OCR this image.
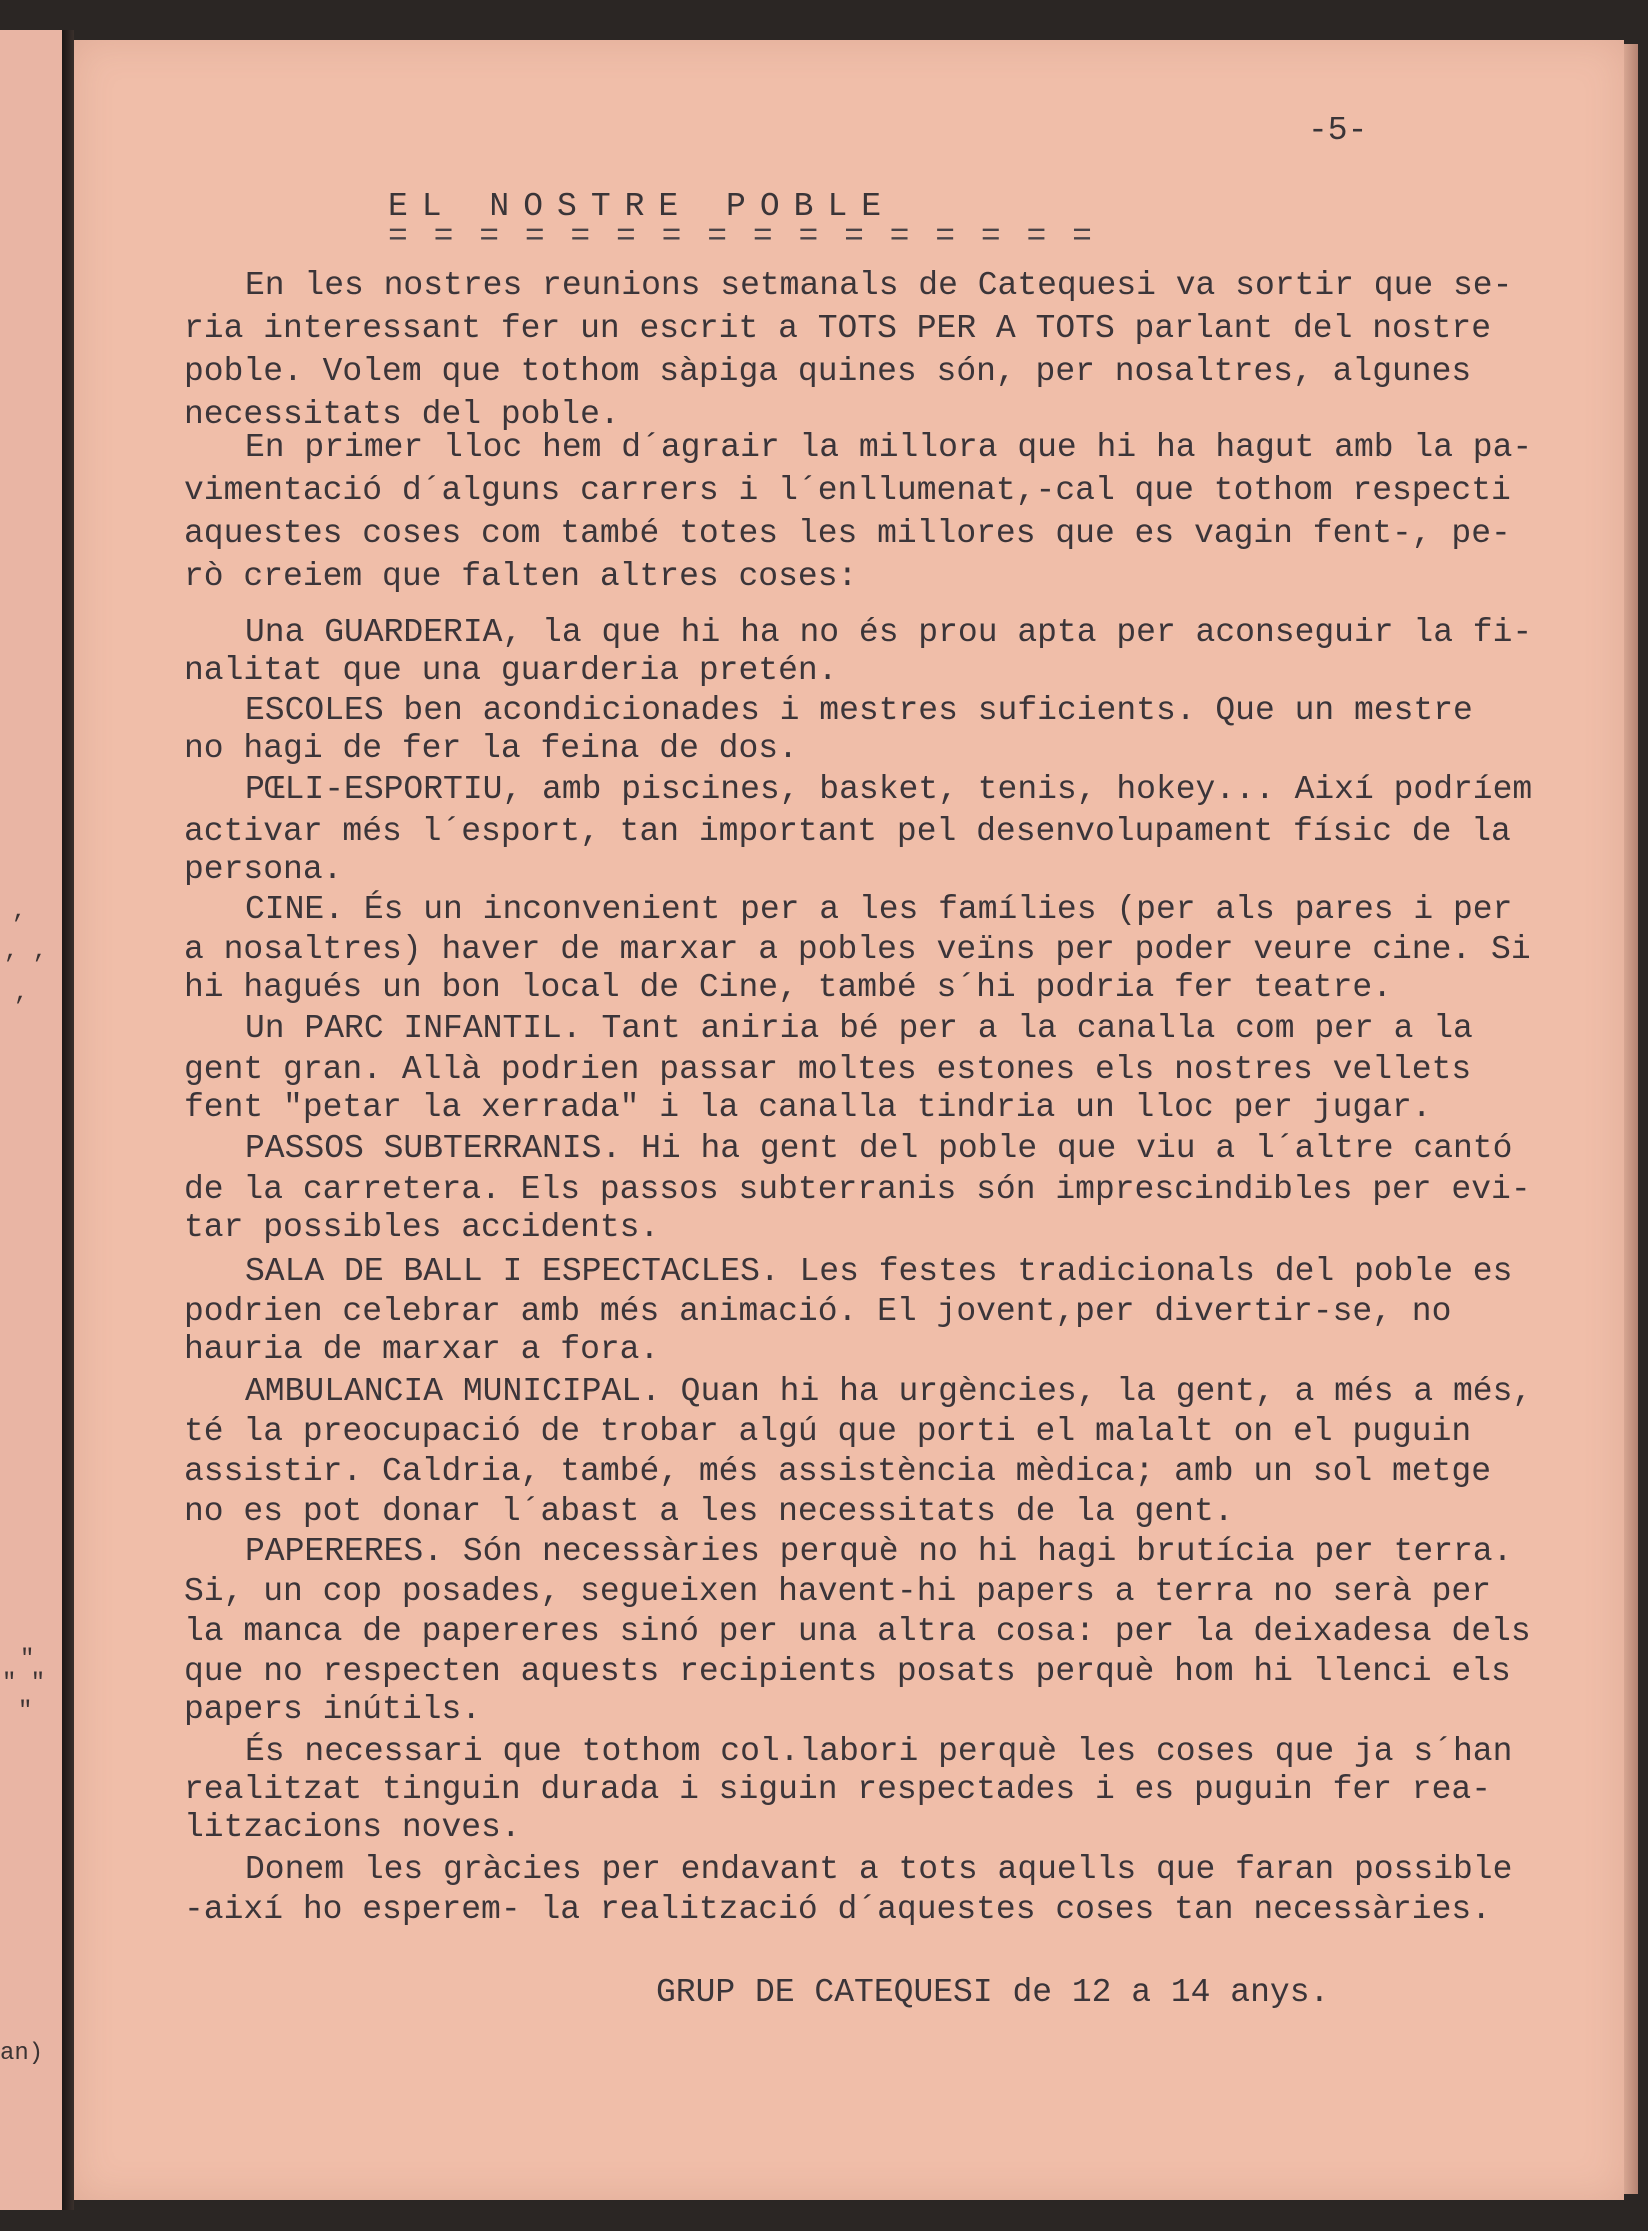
,
, ,
,
"
" "
"
an)
-5-
EL NOSTRE POBLE
= = = = = = = = = = = = = = = =
En les nostres reunions setmanals de Catequesi va sortir que se-
ria interessant fer un escrit a TOTS PER A TOTS parlant del nostre
poble. Volem que tothom sàpiga quines són, per nosaltres, algunes
necessitats del poble.
En primer lloc hem d´agrair la millora que hi ha hagut amb la pa-
vimentació d´alguns carrers i l´enllumenat,-cal que tothom respecti
aquestes coses com també totes les millores que es vagin fent-, pe-
rò creiem que falten altres coses:
Una GUARDERIA, la que hi ha no és prou apta per aconseguir la fi-
nalitat que una guarderia pretén.
ESCOLES ben acondicionades i mestres suficients. Que un mestre
no hagi de fer la feina de dos.
PŒLI-ESPORTIU, amb piscines, basket, tenis, hokey... Així podríem
activar més l´esport, tan important pel desenvolupament físic de la
persona.
CINE. És un inconvenient per a les famílies (per als pares i per
a nosaltres) haver de marxar a pobles veïns per poder veure cine. Si
hi hagués un bon local de Cine, també s´hi podria fer teatre.
Un PARC INFANTIL. Tant aniria bé per a la canalla com per a la
gent gran. Allà podrien passar moltes estones els nostres vellets
fent "petar la xerrada" i la canalla tindria un lloc per jugar.
PASSOS SUBTERRANIS. Hi ha gent del poble que viu a l´altre cantó
de la carretera. Els passos subterranis són imprescindibles per evi-
tar possibles accidents.
SALA DE BALL I ESPECTACLES. Les festes tradicionals del poble es
podrien celebrar amb més animació. El jovent,per divertir-se, no
hauria de marxar a fora.
AMBULANCIA MUNICIPAL. Quan hi ha urgències, la gent, a més a més,
té la preocupació de trobar algú que porti el malalt on el puguin
assistir. Caldria, també, més assistència mèdica; amb un sol metge
no es pot donar l´abast a les necessitats de la gent.
PAPERERES. Són necessàries perquè no hi hagi brutícia per terra.
Si, un cop posades, segueixen havent-hi papers a terra no serà per
la manca de papereres sinó per una altra cosa: per la deixadesa dels
que no respecten aquests recipients posats perquè hom hi llenci els
papers inútils.
És necessari que tothom col.labori perquè les coses que ja s´han
realitzat tinguin durada i siguin respectades i es puguin fer rea-
litzacions noves.
Donem les gràcies per endavant a tots aquells que faran possible
-així ho esperem- la realització d´aquestes coses tan necessàries.
GRUP DE CATEQUESI de 12 a 14 anys.
